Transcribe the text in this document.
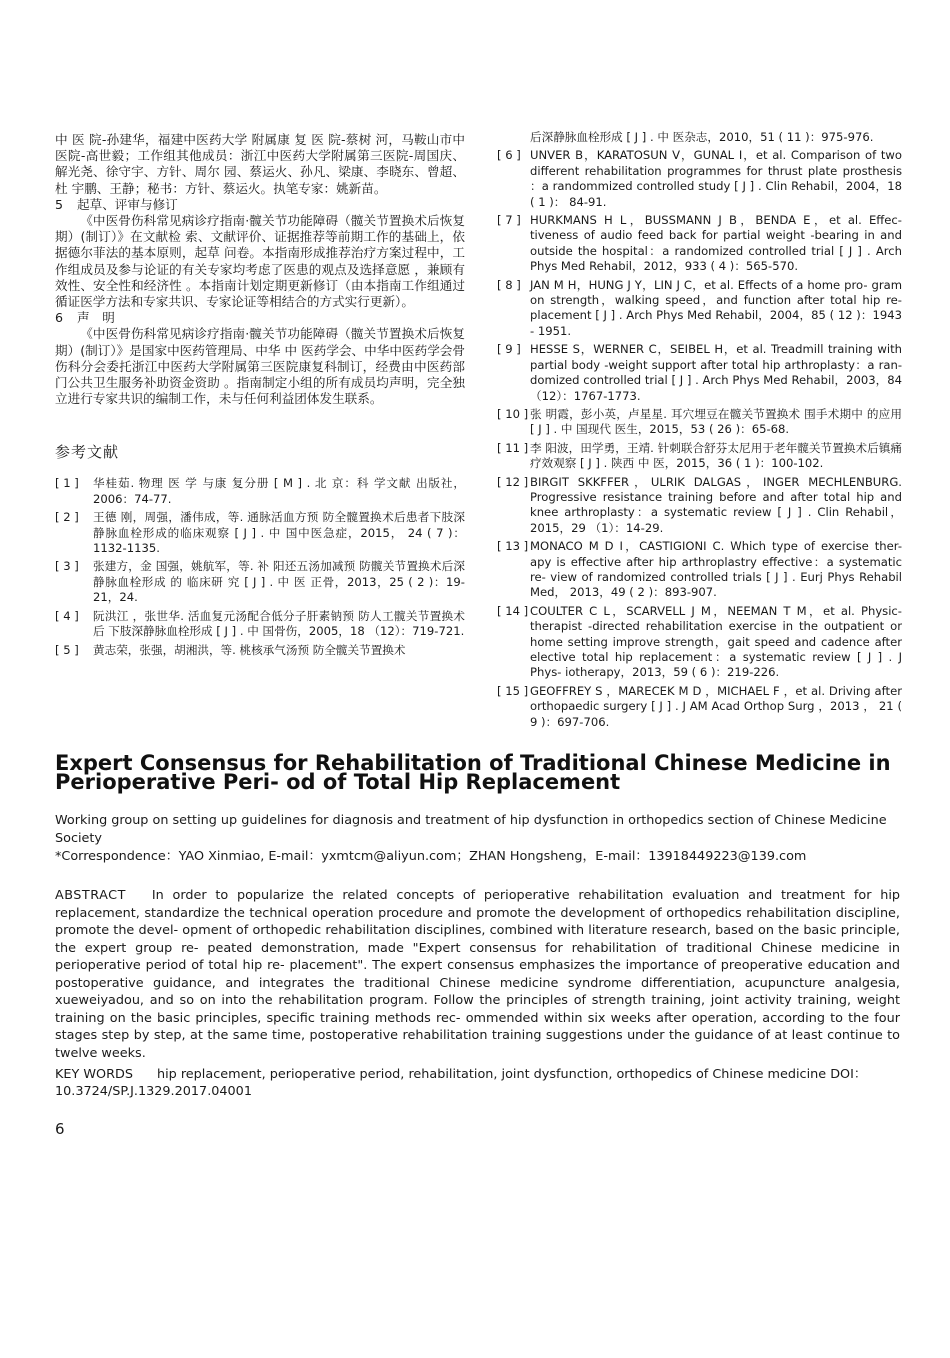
中 医 院-孙建华，福建中医药大学 附属康 复 医 院-蔡树 河，马鞍山市中医院-高世毅；工作组其他成员：浙江中医药大学附属第三医院-周国庆、解光尧、徐守宇、方针、周尔 园、蔡运火、孙凡、梁康、李晓东、曾超、杜 宇鹏、王静；秘书：方针、蔡运火。执笔专家：姚新苗。

5 起草、评审与修订

《中医骨伤科常见病诊疗指南·髋关节功能障碍（髋关节置换术后恢复期）(制订）》在文献检 索、文献评价、证据推荐等前期工作的基础上，依据德尔菲法的基本原则，起草 问卷。本指南形成推荐治疗方案过程中，工作组成员及参与论证的有关专家均考虑了医患的观点及选择意愿 ，兼顾有效性、安全性和经济性 。本指南计划定期更新修订（由本指南工作组通过循证医学方法和专家共识、专家论证等相结合的方式实行更新）。

6 声　明

《中医骨伤科常见病诊疗指南·髋关节功能障碍（髋关节置换术后恢复期）(制订）》是国家中医药管理局、中华 中 医药学会、中华中医药学会骨伤科分会委托浙江中医药大学附属第三医院康复科制订，经费由中医药部门公共卫生服务补助资金资助 。指南制定小组的所有成员均声明，完全独立进行专家共识的编制工作，未与任何利益团体发生联系。

参考文献
[ 1 ]	华桂茹. 物理 医 学 与康 复分册 [ M ] . 北 京：科 学文献 出版社， 2006：74-77.
[ 2 ]	王德 刚，周强，潘伟成，等. 通脉活血方预 防全髋置换术后患者下肢深静脉血栓形成的临床观察 [ J ] . 中 国中医急症，2015， 24 ( 7 )：1132-1135.
[ 3 ]	张建方，金 国强，姚航军，等. 补 阳还五汤加减预 防髋关节置换术后深静脉血栓形成 的 临床研 究 [ J ] . 中 医 正骨，2013，25 ( 2 )：19-21，24.
[ 4 ]	阮洪江 ，张世华. 活血复元汤配合低分子肝素钠预 防人工髋关节置换术后 下肢深静脉血栓形成 [ J ] . 中 国骨伤，2005，18 （12）：719-721.
[ 5 ]	黄志荣，张强，胡湘洪，等. 桃核承气汤预 防全髋关节置换术
后深静脉血栓形成 [ J ] . 中 医杂志，2010，51 ( 11 )：975-976.
[ 6 ] UNVER B，KARATOSUN V，GUNAL I，et al. Comparison of two different rehabilitation programmes for thrust plate prosthesis ：a randommized controlled study [ J ] . Clin Rehabil，2004，18 ( 1 )： 84-91.
[ 7 ] HURKMANS H L，BUSSMANN J B，BENDA E，et al. Effec- tiveness of audio feed back for partial weight -bearing in and outside the hospital：a randomized controlled trial [ J ] . Arch Phys Med Rehabil，2012，933 ( 4 )：565-570.
[ 8 ] JAN M H，HUNG J Y，LIN J C，et al. Effects of a home pro- gram on strength，walking speed，and function after total hip re- placement [ J ] . Arch Phys Med Rehabil，2004，85 ( 12 )：1943 - 1951.
[ 9 ] HESSE S，WERNER C，SEIBEL H，et al. Treadmill training with partial body -weight support after total hip arthroplasty：a ran- domized controlled trial [ J ] . Arch Phys Med Rehabil，2003，84 （12）：1767-1773.
[ 10 ] 张 明霞，彭小英，卢星星. 耳穴埋豆在髋关节置换术 围手术期中 的应用 [ J ] . 中 国现代 医生，2015，53 ( 26 )：65-68.
[ 11 ] 李 阳波，田学勇，王靖. 针刺联合舒芬太尼用于老年髋关节置换术后镇痛疗效观察 [ J ] . 陕西 中 医，2015，36 ( 1 )：100-102.
[ 12 ] BIRGIT SKKFFER，ULRIK DALGAS，INGER MECHLENBURG. Progressive resistance training before and after total hip and knee arthroplasty：a systematic review [ J ] . Clin Rehabil，2015，29 （1）：14-29.
[ 13 ] MONACO M D I，CASTIGIONI C. Which type of exercise ther- apy is effective after hip arthroplastry effective：a systematic re- view of randomized controlled trials [ J ] . Eurj Phys Rehabil Med， 2013，49 ( 2 )：893-907.
[ 14 ] COULTER C L，SCARVELL J M，NEEMAN T M，et al. Physic- therapist -directed rehabilitation exercise in the outpatient or home setting improve strength，gait speed and cadence after elective total hip replacement：a systematic review [ J ] . J Phys- iotherapy，2013，59 ( 6 )：219-226.
[ 15 ] GEOFFREY S ，MARECEK M D ，MICHAEL F ，et al. Driving after orthopaedic surgery [ J ] . J AM Acad Orthop Surg ，2013 ， 21 ( 9 )：697-706.
Expert Consensus for Rehabilitation of Traditional Chinese Medicine in Perioperative Peri- od of Total Hip Replacement

Working group on setting up guidelines for diagnosis and treatment of hip dysfunction in orthopedics section of Chinese Medicine Society

*Correspondence：YAO Xinmiao, E-mail：yxmtcm@aliyun.com；ZHAN Hongsheng，E-mail：13918449223@139.com

ABSTRACT In order to popularize the related concepts of perioperative rehabilitation evaluation and treatment for hip replacement, standardize the technical operation procedure and promote the development of orthopedics rehabilitation discipline, promote the devel- opment of orthopedic rehabilitation disciplines, combined with literature research, based on the basic principle, the expert group re- peated demonstration, made "Expert consensus for rehabilitation of traditional Chinese medicine in perioperative period of total hip re- placement". The expert consensus emphasizes the importance of preoperative education and postoperative guidance, and integrates the traditional Chinese medicine syndrome differentiation, acupuncture analgesia, xueweiyadou, and so on into the rehabilitation program. Follow the principles of strength training, joint activity training, weight training on the basic principles, specific training methods rec- ommended within six weeks after operation, according to the four stages step by step, at the same time, postoperative rehabilitation training suggestions under the guidance of at least continue to twelve weeks.

KEY WORDS hip replacement, perioperative period, rehabilitation, joint dysfunction, orthopedics of Chinese medicine DOI：10.3724/SP.J.1329.2017.04001

6
